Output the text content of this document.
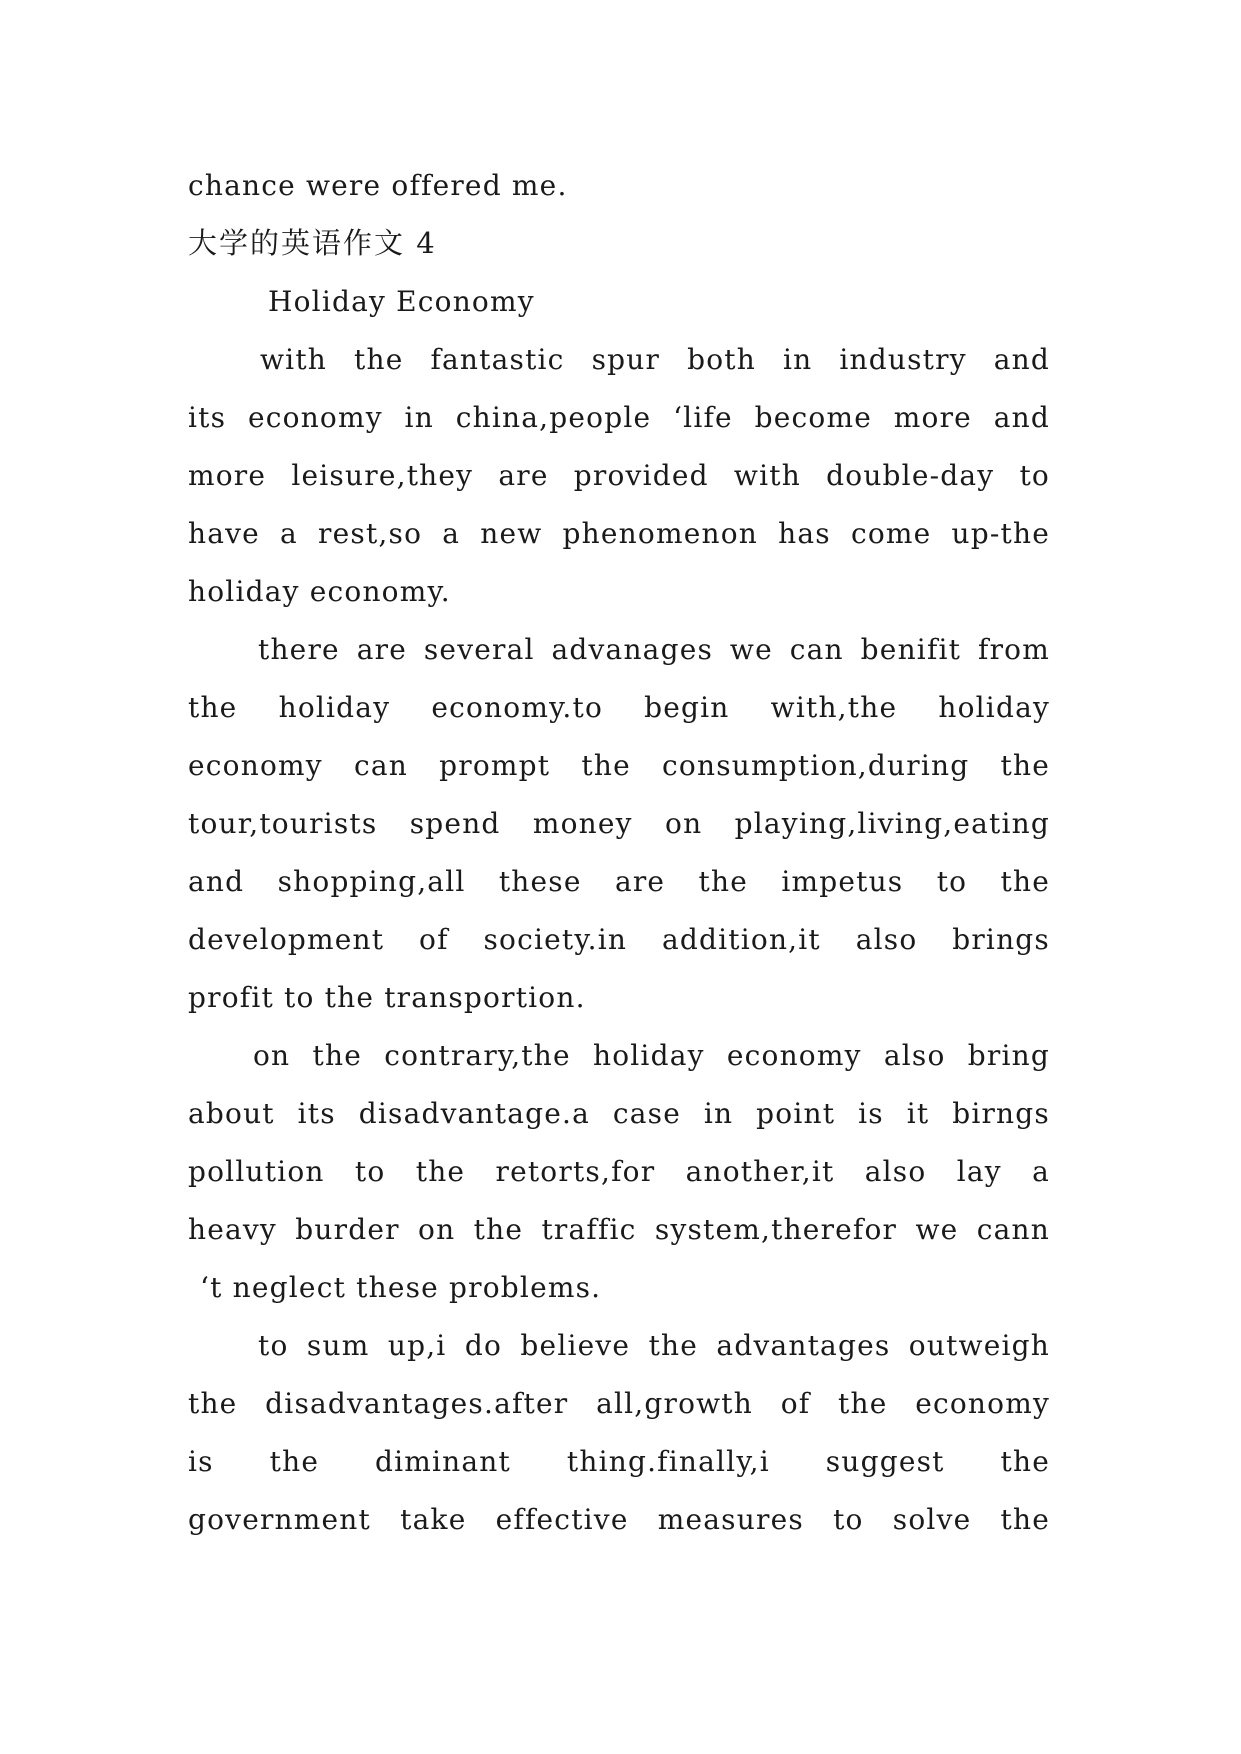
chance were offered me.
大学的英语作文 4
Holiday Economy
with the fantastic spur both in industry and
its economy in china,people ‘life become more and
more leisure,they are provided with double-day to
have a rest,so a new phenomenon has come up-the
holiday economy.
there are several advanages we can benifit from
the holiday economy.to begin with,the holiday
economy can prompt the consumption,during the
tour,tourists spend money on playing,living,eating
and shopping,all these are the impetus to the
development of society.in addition,it also brings
profit to the transportion.
on the contrary,the holiday economy also bring
about its disadvantage.a case in point is it birngs
pollution to the retorts,for another,it also lay a
heavy burder on the traffic system,therefor we cann
‘t neglect these problems.
to sum up,i do believe the advantages outweigh
the disadvantages.after all,growth of the economy
is the diminant thing.finally,i suggest the
government take effective measures to solve the
